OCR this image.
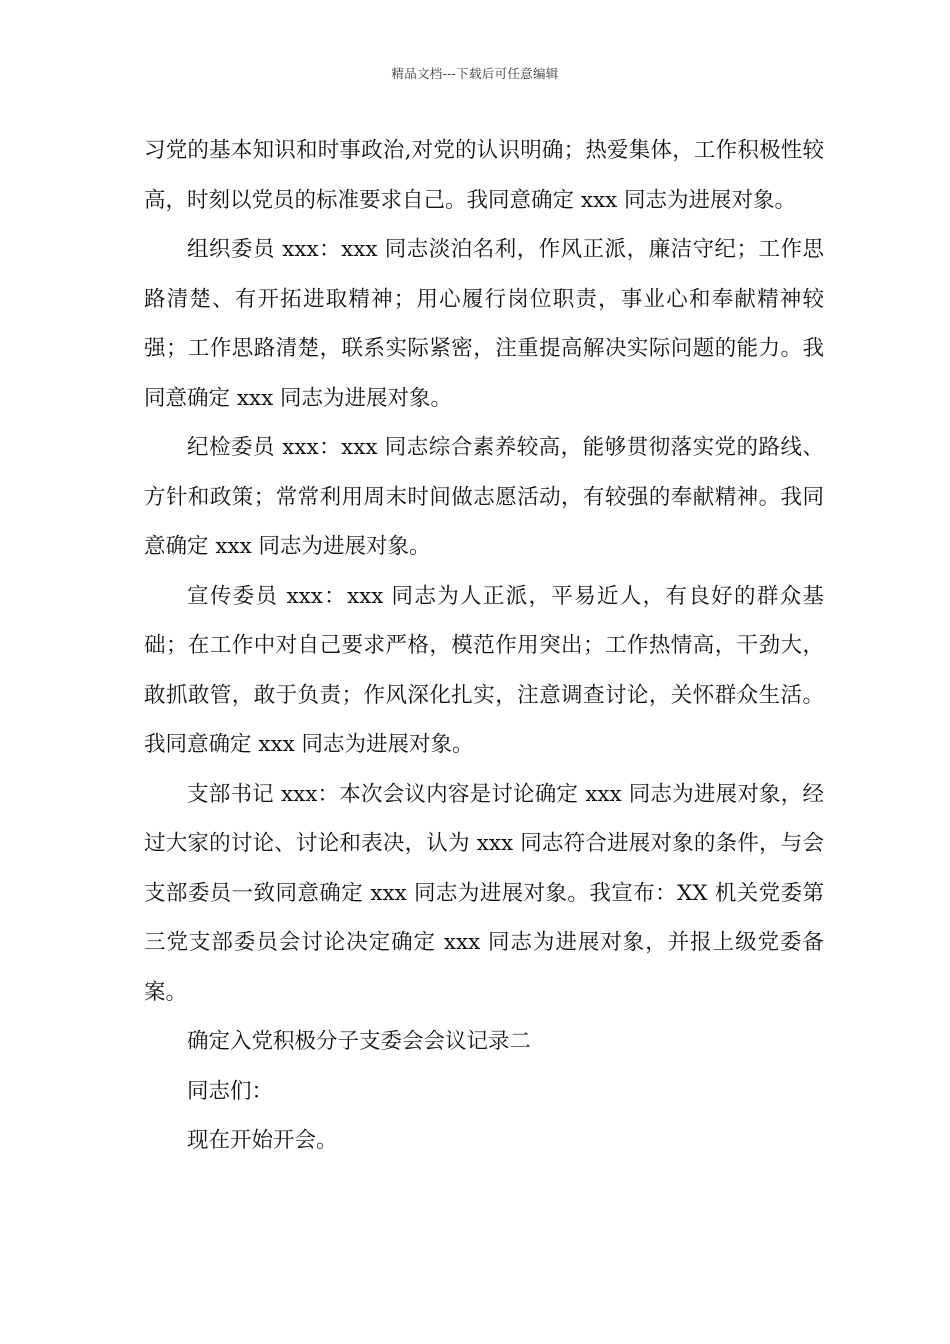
精品文档---下载后可任意编辑

习党的基本知识和时事政治,对党的认识明确；热爱集体，工作积极性较高，时刻以党员的标准要求自己。我同意确定 xxx 同志为进展对象。

组织委员 xxx：xxx 同志淡泊名利，作风正派，廉洁守纪；工作思路清楚、有开拓进取精神；用心履行岗位职责，事业心和奉献精神较强；工作思路清楚，联系实际紧密，注重提高解决实际问题的能力。我同意确定 xxx 同志为进展对象。

纪检委员 xxx：xxx 同志综合素养较高，能够贯彻落实党的路线、方针和政策；常常利用周末时间做志愿活动，有较强的奉献精神。我同意确定 xxx 同志为进展对象。

宣传委员 xxx：xxx 同志为人正派，平易近人，有良好的群众基础；在工作中对自己要求严格，模范作用突出；工作热情高，干劲大，敢抓敢管，敢于负责；作风深化扎实，注意调查讨论，关怀群众生活。我同意确定 xxx 同志为进展对象。

支部书记 xxx：本次会议内容是讨论确定 xxx 同志为进展对象，经过大家的讨论、讨论和表决，认为 xxx 同志符合进展对象的条件，与会支部委员一致同意确定 xxx 同志为进展对象。我宣布：XX 机关党委第三党支部委员会讨论决定确定 xxx 同志为进展对象，并报上级党委备案。

确定入党积极分子支委会会议记录二

同志们：

现在开始开会。
